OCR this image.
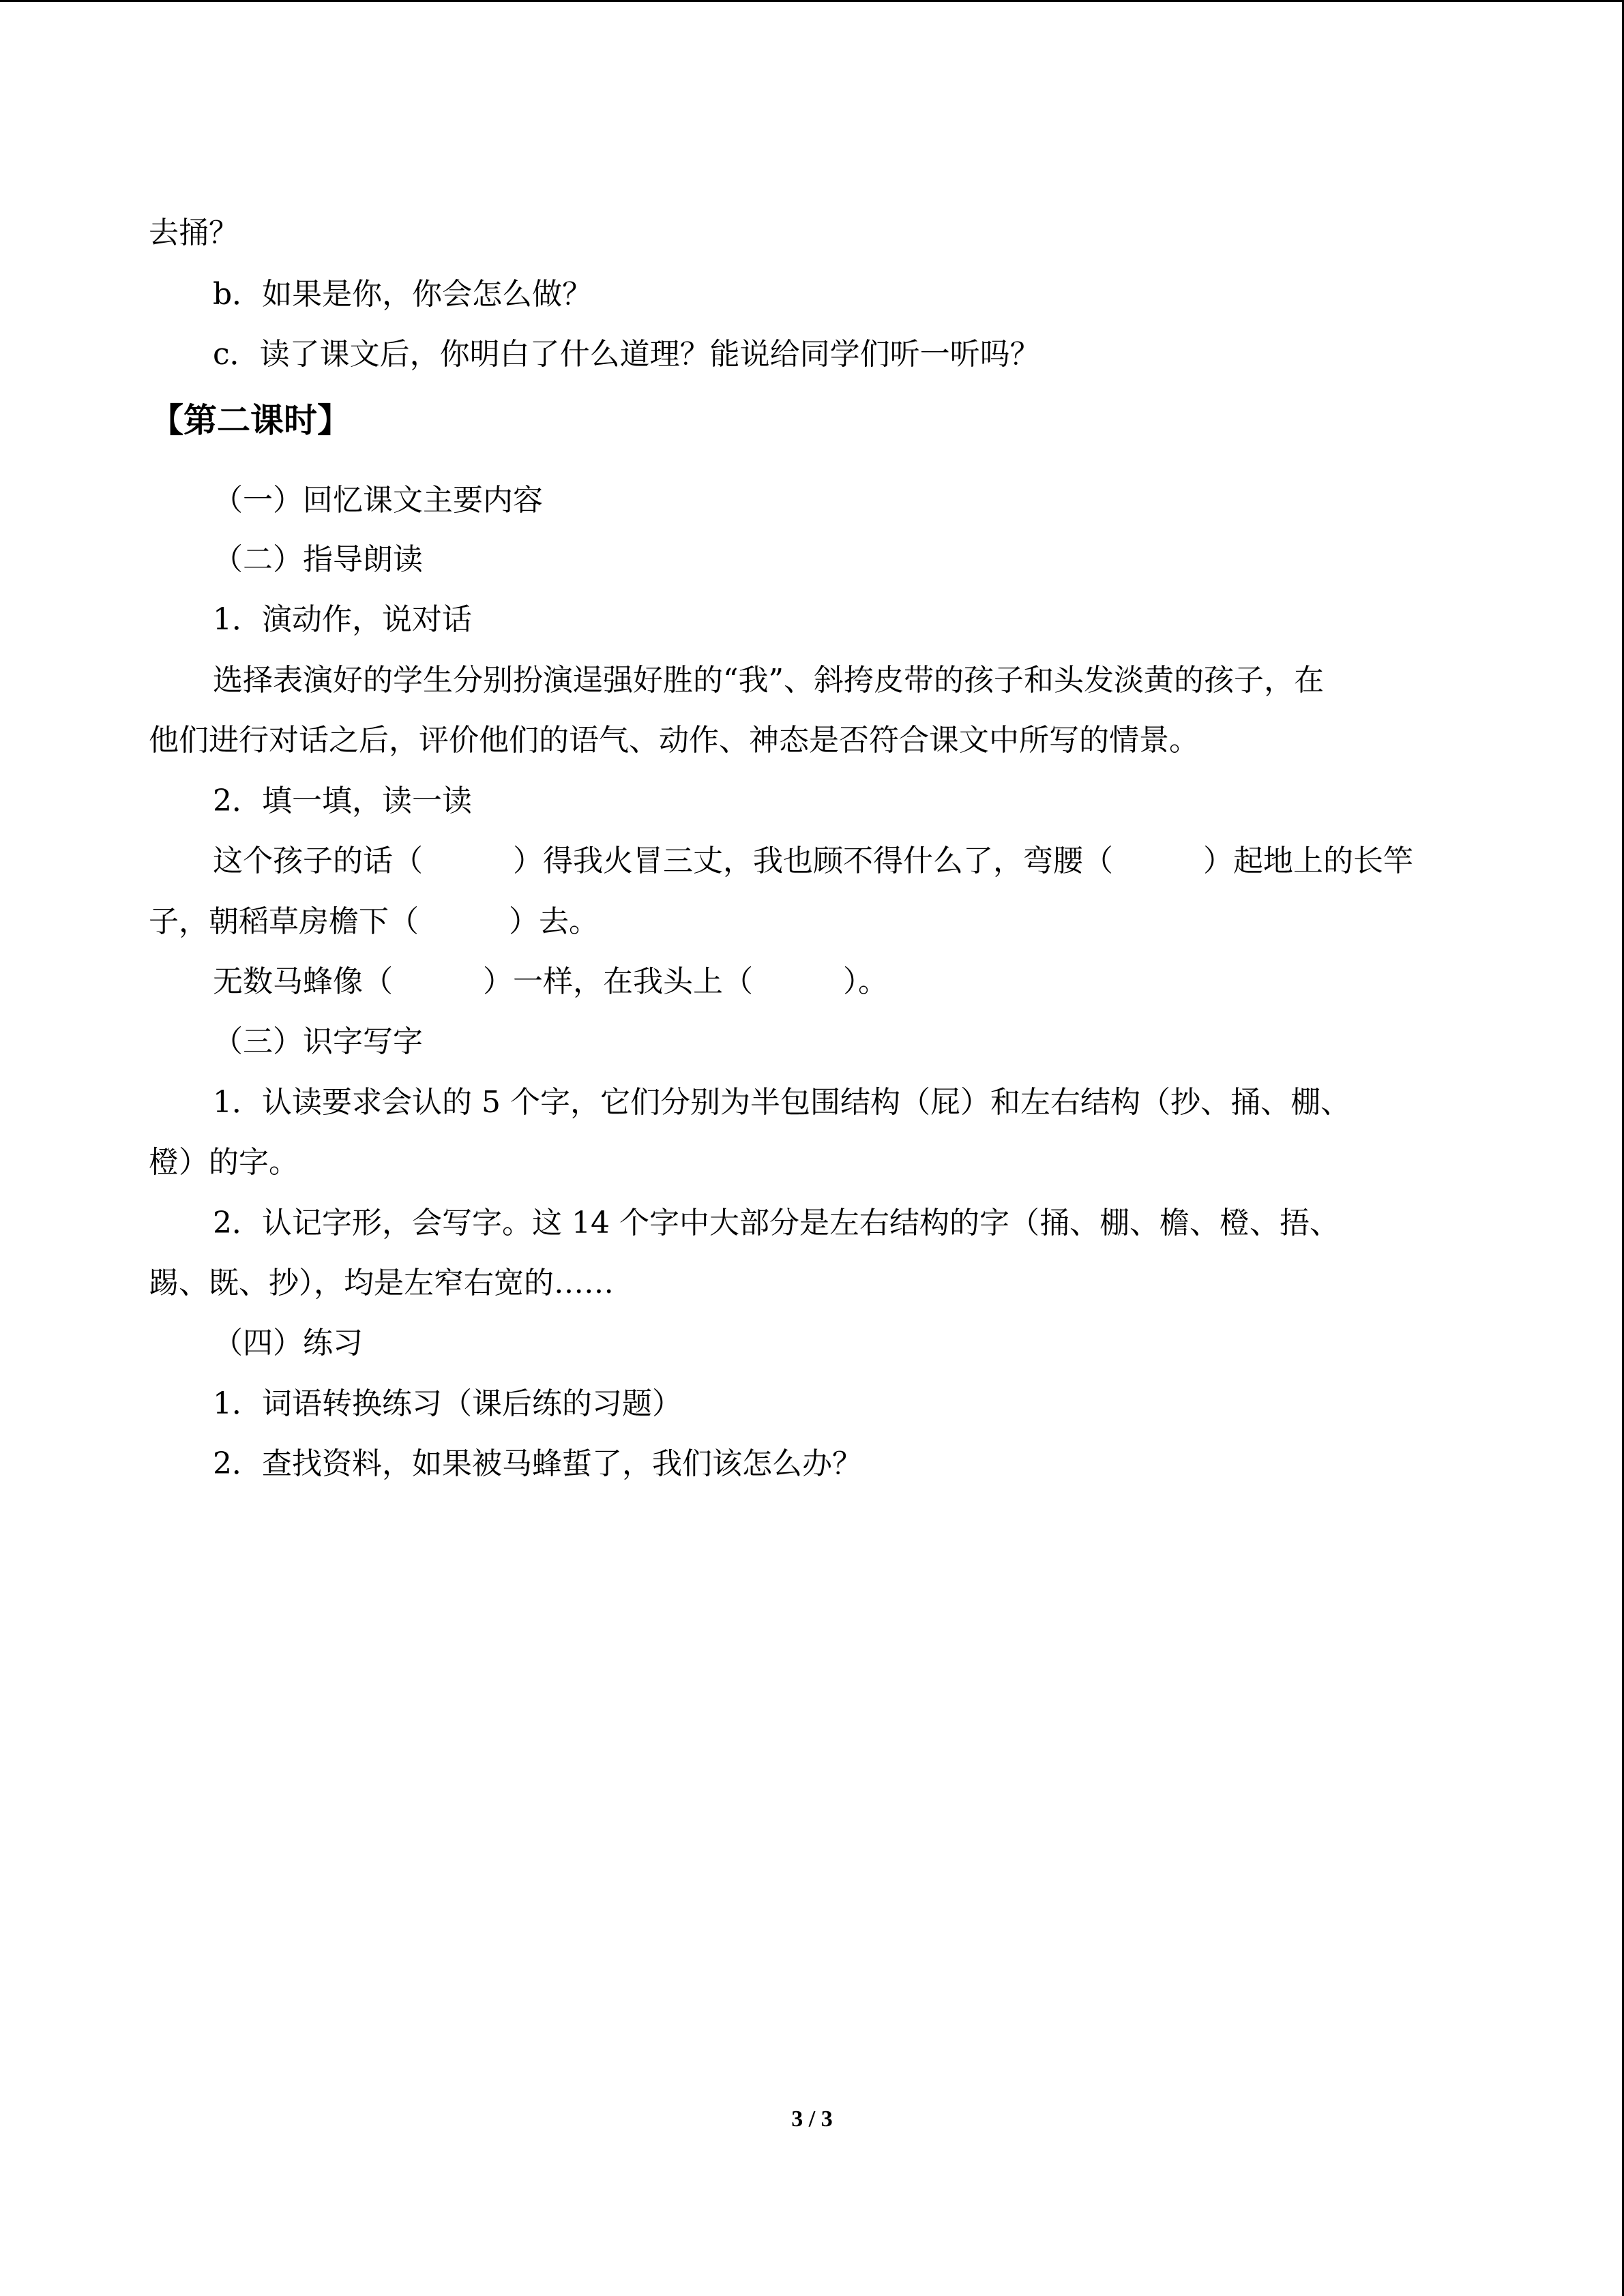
去捅？
b．如果是你，你会怎么做？
c．读了课文后，你明白了什么道理？能说给同学们听一听吗？
【第二课时】
（一）回忆课文主要内容
（二）指导朗读
1．演动作，说对话
选择表演好的学生分别扮演逞强好胜的“我”、斜挎皮带的孩子和头发淡黄的孩子，在
他们进行对话之后，评价他们的语气、动作、神态是否符合课文中所写的情景。
2．填一填，读一读
这个孩子的话（　　　）得我火冒三丈，我也顾不得什么了，弯腰（　　　）起地上的长竿
子，朝稻草房檐下（　　　）去。
无数马蜂像（　　　）一样，在我头上（　　　）。
（三）识字写字
1．认读要求会认的 5 个字，它们分别为半包围结构（屁）和左右结构（抄、捅、棚、
橙）的字。
2．认记字形，会写字。这 14 个字中大部分是左右结构的字（捅、棚、檐、橙、捂、
踢、既、抄），均是左窄右宽的……
（四）练习
1．词语转换练习（课后练的习题）
2．查找资料，如果被马蜂蜇了，我们该怎么办？
3 / 3
